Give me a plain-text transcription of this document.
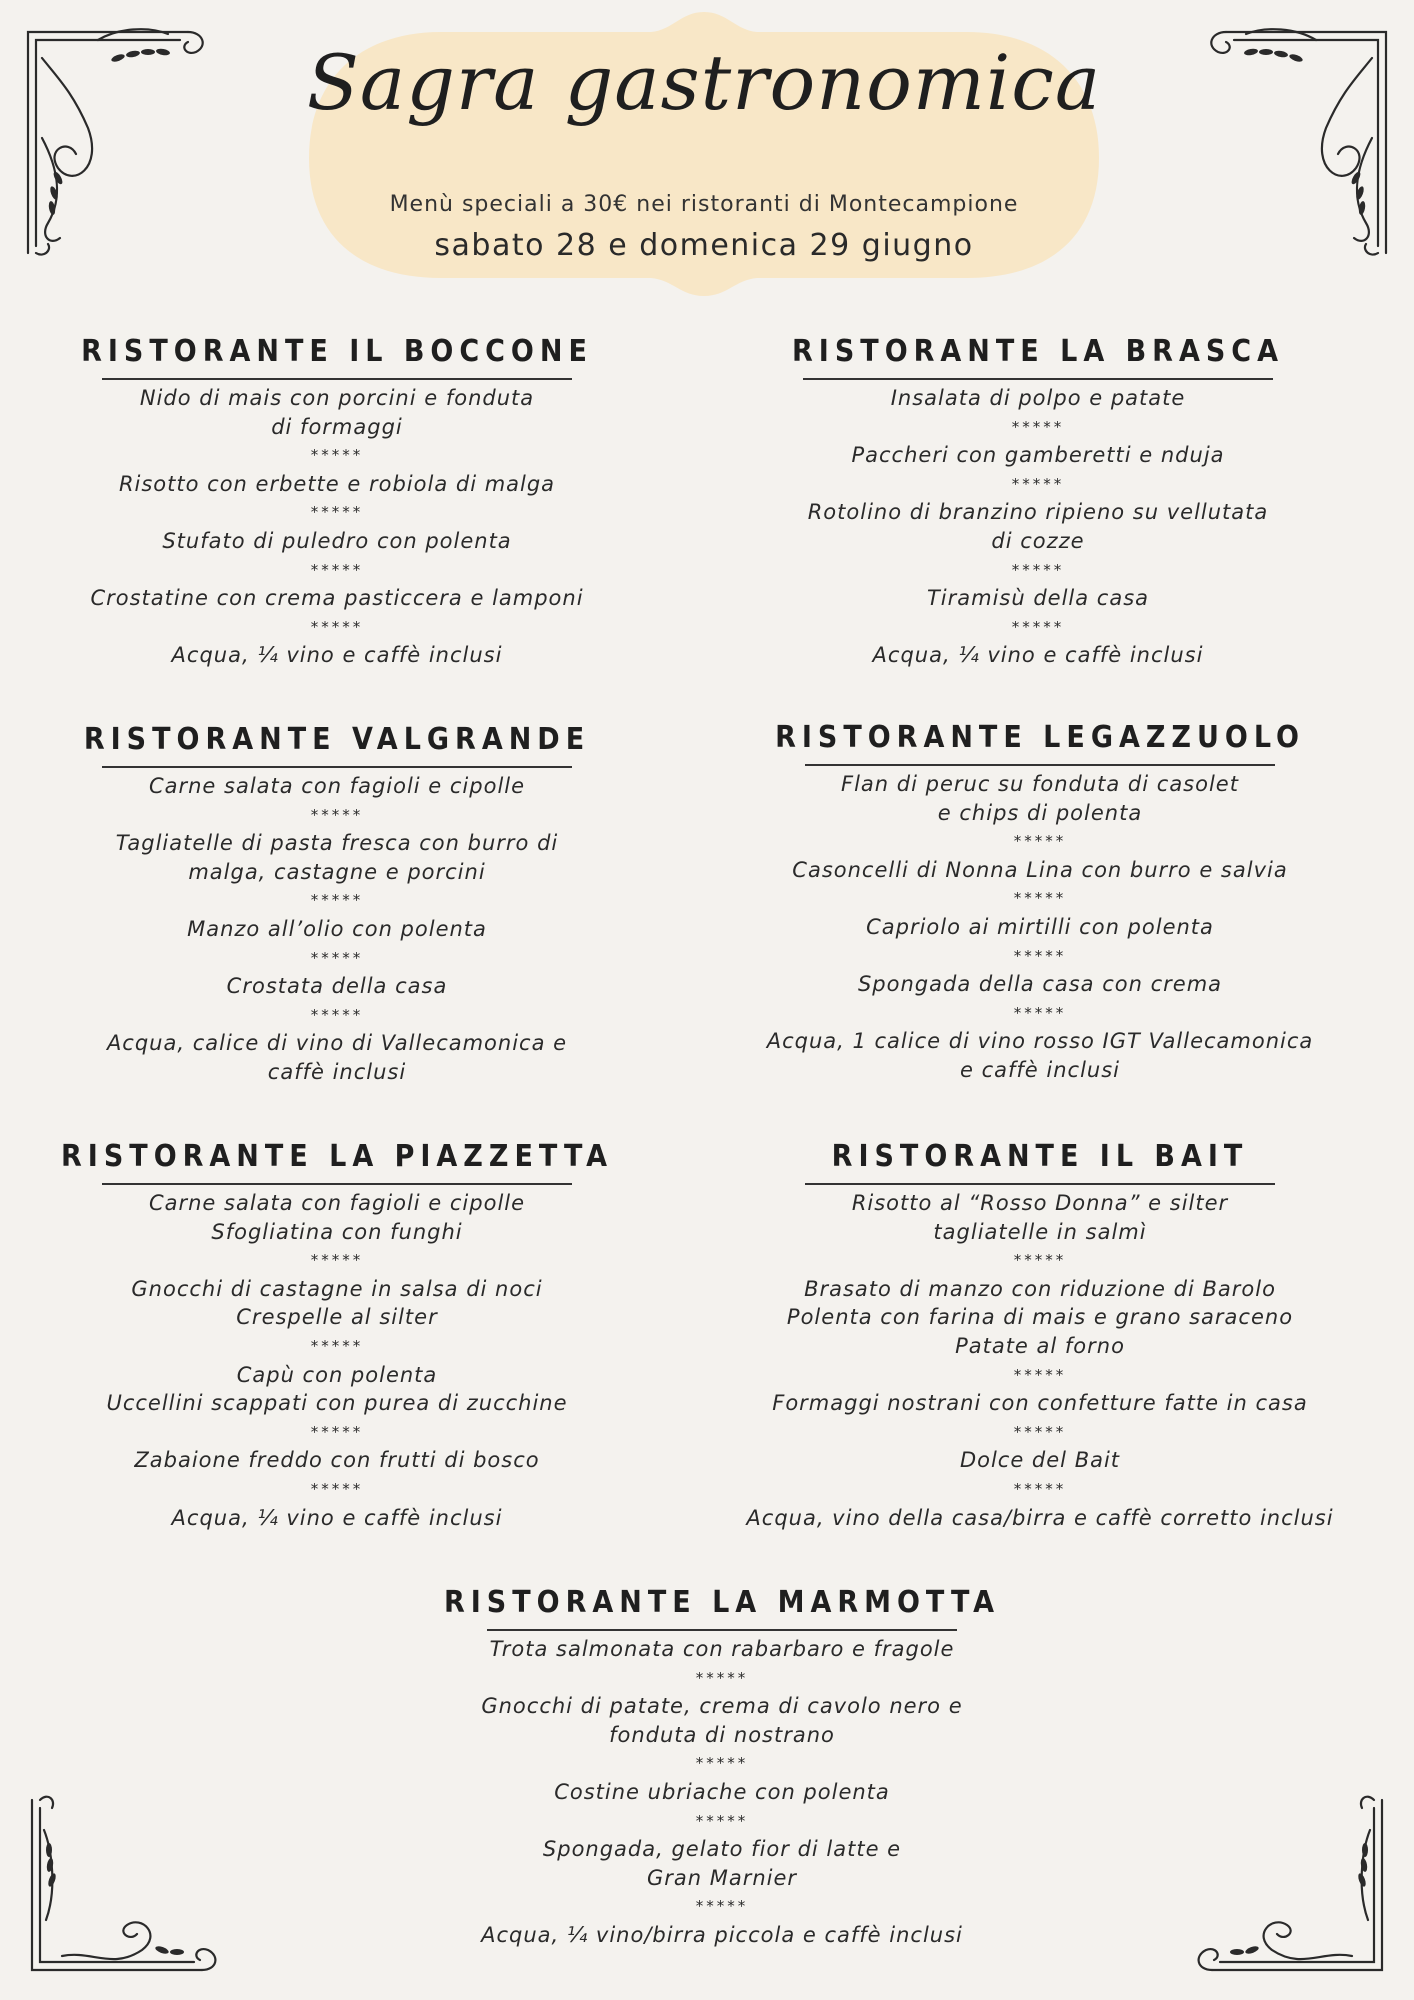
Sagra gastronomica
Menù speciali a 30€ nei ristoranti di Montecampione
sabato 28 e domenica 29 giugno
RISTORANTE IL BOCCONE
Nido di mais con porcini e fonduta
di formaggi
*****
Risotto con erbette e robiola di malga
*****
Stufato di puledro con polenta
*****
Crostatine con crema pasticcera e lamponi
*****
Acqua, ¼ vino e caffè inclusi
RISTORANTE LA BRASCA
Insalata di polpo e patate
*****
Paccheri con gamberetti e nduja
*****
Rotolino di branzino ripieno su vellutata
di cozze
*****
Tiramisù della casa
*****
Acqua, ¼ vino e caffè inclusi
RISTORANTE VALGRANDE
Carne salata con fagioli e cipolle
*****
Tagliatelle di pasta fresca con burro di
malga, castagne e porcini
*****
Manzo all’olio con polenta
*****
Crostata della casa
*****
Acqua, calice di vino di Vallecamonica e
caffè inclusi
RISTORANTE LEGAZZUOLO
Flan di peruc su fonduta di casolet
e chips di polenta
*****
Casoncelli di Nonna Lina con burro e salvia
*****
Capriolo ai mirtilli con polenta
*****
Spongada della casa con crema
*****
Acqua, 1 calice di vino rosso IGT Vallecamonica
e caffè inclusi
RISTORANTE LA PIAZZETTA
Carne salata con fagioli e cipolle
Sfogliatina con funghi
*****
Gnocchi di castagne in salsa di noci
Crespelle al silter
*****
Capù con polenta
Uccellini scappati con purea di zucchine
*****
Zabaione freddo con frutti di bosco
*****
Acqua, ¼ vino e caffè inclusi
RISTORANTE IL BAIT
Risotto al “Rosso Donna” e silter
tagliatelle in salmì
*****
Brasato di manzo con riduzione di Barolo
Polenta con farina di mais e grano saraceno
Patate al forno
*****
Formaggi nostrani con confetture fatte in casa
*****
Dolce del Bait
*****
Acqua, vino della casa/birra e caffè corretto inclusi
RISTORANTE LA MARMOTTA
Trota salmonata con rabarbaro e fragole
*****
Gnocchi di patate, crema di cavolo nero e
fonduta di nostrano
*****
Costine ubriache con polenta
*****
Spongada, gelato fior di latte e
Gran Marnier
*****
Acqua, ¼ vino/birra piccola e caffè inclusi
